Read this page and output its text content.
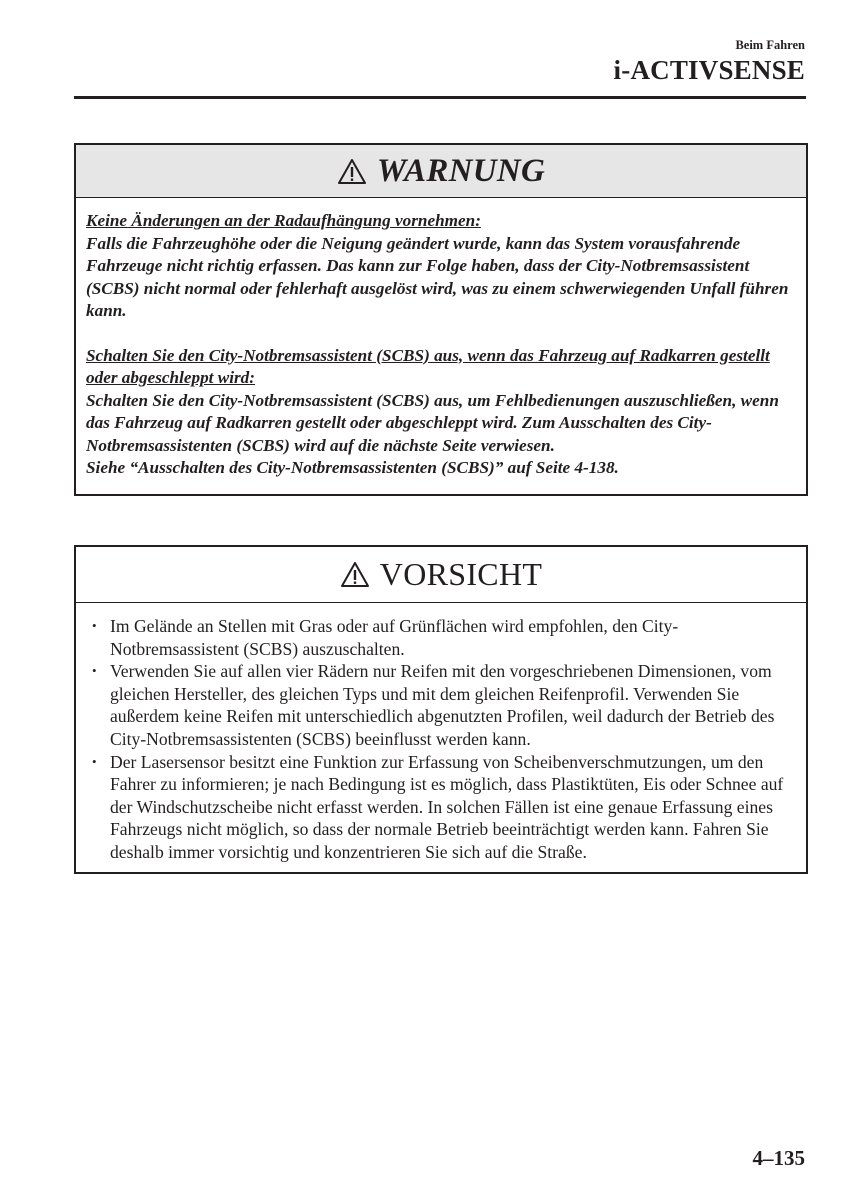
Beim Fahren
i-ACTIVSENSE
WARNUNG

Keine Änderungen an der Radaufhängung vornehmen:
Falls die Fahrzeughöhe oder die Neigung geändert wurde, kann das System vorausfahrende Fahrzeuge nicht richtig erfassen. Das kann zur Folge haben, dass der City-Notbremsassistent (SCBS) nicht normal oder fehlerhaft ausgelöst wird, was zu einem schwerwiegenden Unfall führen kann.

Schalten Sie den City-Notbremsassistent (SCBS) aus, wenn das Fahrzeug auf Radkarren gestellt oder abgeschleppt wird:
Schalten Sie den City-Notbremsassistent (SCBS) aus, um Fehlbedienungen auszuschließen, wenn das Fahrzeug auf Radkarren gestellt oder abgeschleppt wird. Zum Ausschalten des City-Notbremsassistenten (SCBS) wird auf die nächste Seite verwiesen.
Siehe “Ausschalten des City-Notbremsassistenten (SCBS)” auf Seite 4-138.

VORSICHT
• Im Gelände an Stellen mit Gras oder auf Grünflächen wird empfohlen, den City-Notbremsassistent (SCBS) auszuschalten.
• Verwenden Sie auf allen vier Rädern nur Reifen mit den vorgeschriebenen Dimensionen, vom gleichen Hersteller, des gleichen Typs und mit dem gleichen Reifenprofil. Verwenden Sie außerdem keine Reifen mit unterschiedlich abgenutzten Profilen, weil dadurch der Betrieb des City-Notbremsassistenten (SCBS) beeinflusst werden kann.
• Der Lasersensor besitzt eine Funktion zur Erfassung von Scheibenverschmutzungen, um den Fahrer zu informieren; je nach Bedingung ist es möglich, dass Plastiktüten, Eis oder Schnee auf der Windschutzscheibe nicht erfasst werden. In solchen Fällen ist eine genaue Erfassung eines Fahrzeugs nicht möglich, so dass der normale Betrieb beeinträchtigt werden kann. Fahren Sie deshalb immer vorsichtig und konzentrieren Sie sich auf die Straße.
4–135
